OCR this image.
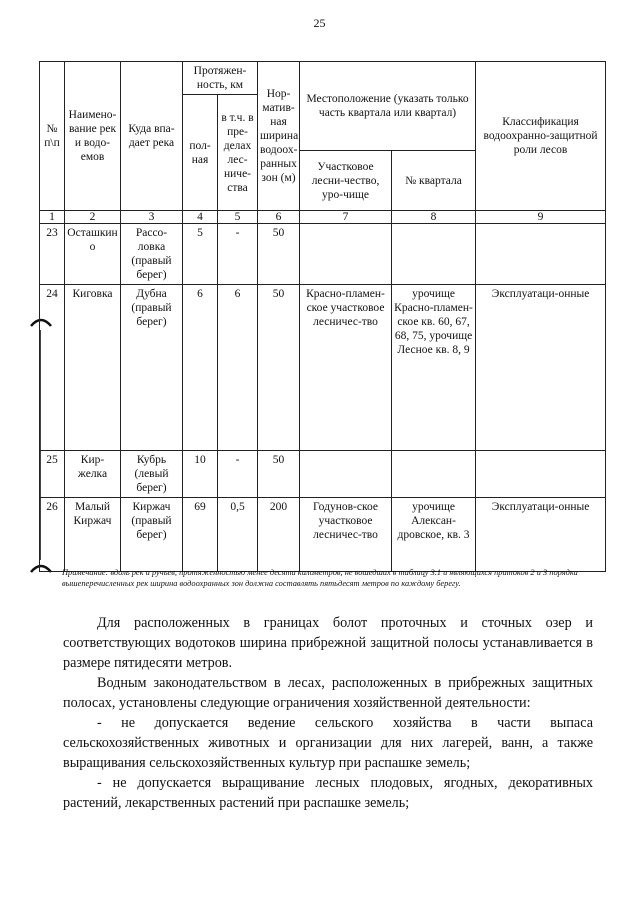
25
№ п\п	Наимено-вание рек и водо-емов	Куда впа-дает река	Протяжен-ность, км		Нор-матив-ная ширина водоох-ранных зон (м)	Местоположение (указать только часть квартала или квартал)		Классификация водоохранно-защитной роли лесов
			пол-ная	в т.ч. в пре-делах лес-ниче-ства				
						Участковое лесни-чество, уро-чище	№ квартала	
1	2	3	4	5	6	7	8	9
23	Осташкин о	Рассо-ловка (правый берег)	5	-	50			
24	Киговка	Дубна (правый берег)	6	6	50	Красно-пламен-ское участковое лесничес-тво	урочище Красно-пламен-ское кв. 60, 67, 68, 75, урочище Лесное кв. 8, 9	Эксплуатаци-онные
25	Кир-желка	Кубрь (левый берег)	10	-	50			
26	Малый Киржач	Киржач (правый берег)	69	0,5	200	Годунов-ское участковое лесничес-тво	урочище Алексан-дровское, кв. 3	Эксплуатаци-онные
Примечание: вдоль рек и ручьев, протяженностью менее десяти километров, не вошедших в таблицу 3.1 и являющихся притоков 2 и 3 порядка вышеперечисленных рек ширина водоохранных зон должна составлять пятьдесят метров по каждому берегу.

Для расположенных в границах болот проточных и сточных озер и соответствующих водотоков ширина прибрежной защитной полосы устанавливается в размере пятидесяти метров.

Водным законодательством в лесах, расположенных в прибрежных защитных полосах, установлены следующие ограничения хозяйственной деятельности:

- не допускается ведение сельского хозяйства в части выпаса сельскохозяйственных животных и организации для них лагерей, ванн, а также выращивания сельскохозяйственных культур при распашке земель;

- не допускается выращивание лесных плодовых, ягодных, декоративных растений, лекарственных растений при распашке земель;
